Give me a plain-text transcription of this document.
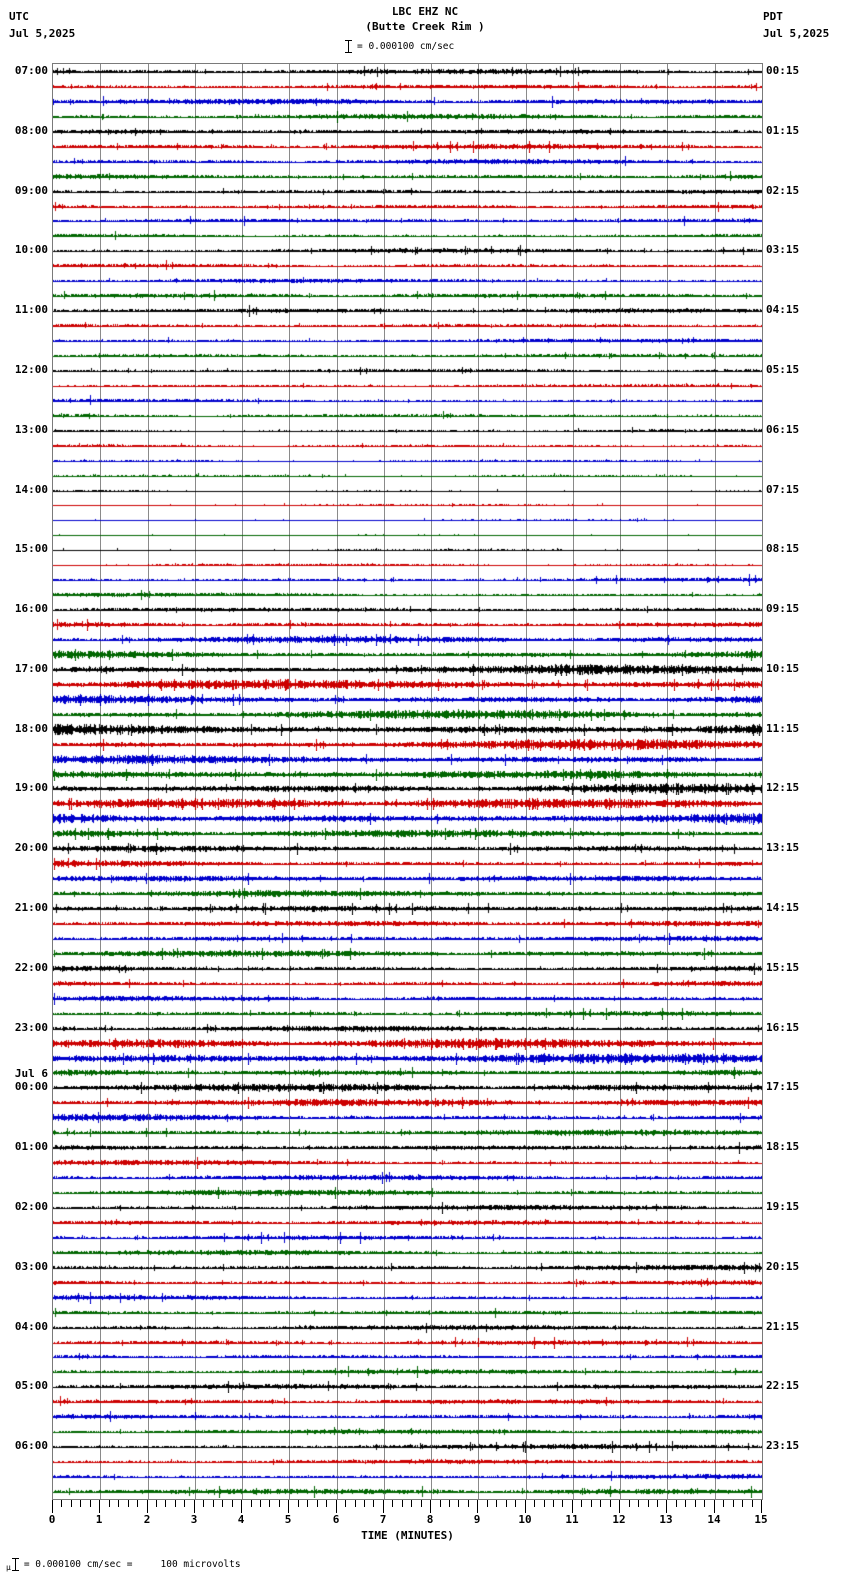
UTC
Jul 5,2025
LBC EHZ NC
(Butte Creek Rim )
= 0.000100 cm/sec
PDT
Jul 5,2025
07:00	00:15
08:00	01:15
09:00	02:15
10:00	03:15
11:00	04:15
12:00	05:15
13:00	06:15
14:00	07:15
15:00	08:15
16:00	09:15
17:00	10:15
18:00	11:15
19:00	12:15
20:00	13:15
21:00	14:15
22:00	15:15
23:00	16:15
00:00	17:15
01:00	18:15
02:00	19:15
03:00	20:15
04:00	21:15
05:00	22:15
06:00	23:15
Jul 6
0	1	2	3	4	5	6	7	8	9	10	11	12	13	14	15
TIME (MINUTES)
μ = 0.000100 cm/sec =	100 microvolts
